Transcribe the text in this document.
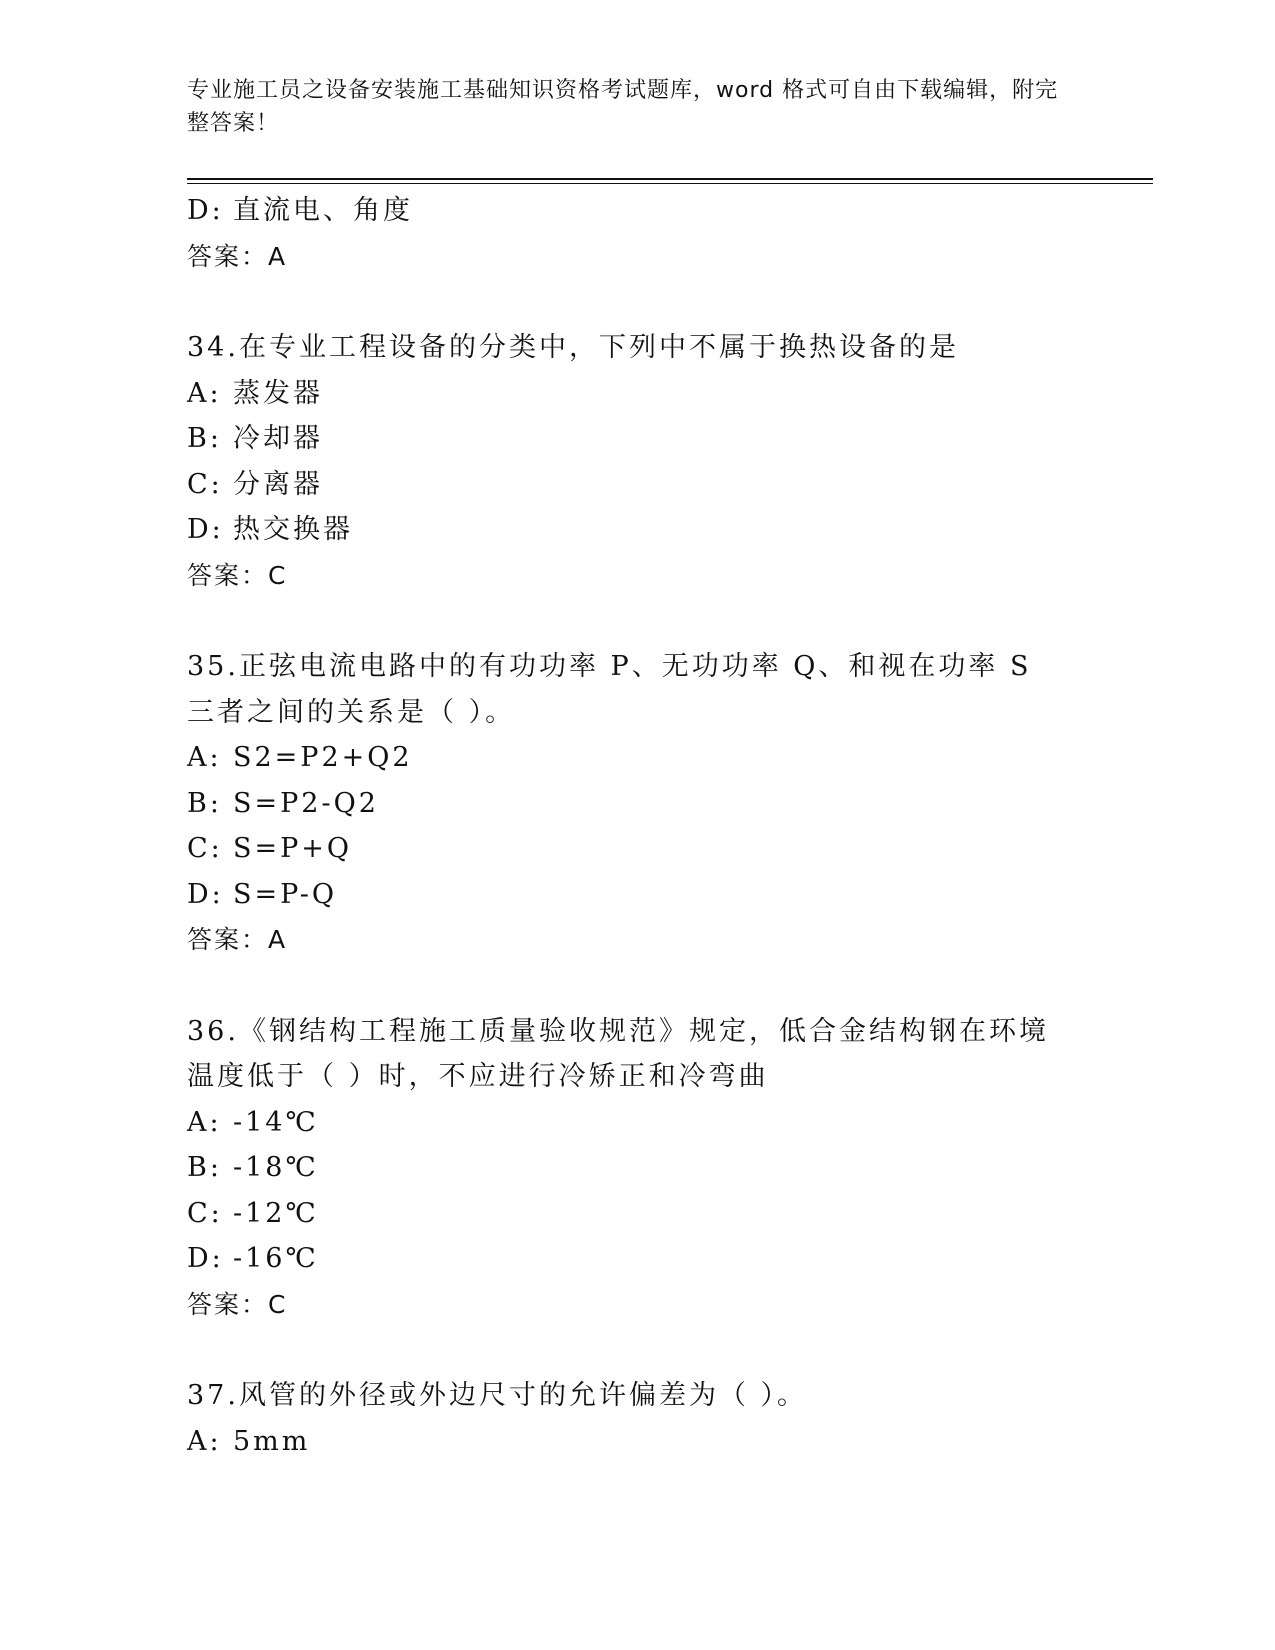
专业施工员之设备安装施工基础知识资格考试题库，word 格式可自由下载编辑，附完整答案！
D: 直流电、角度
答案：A
34.在专业工程设备的分类中，下列中不属于换热设备的是
A: 蒸发器
B: 冷却器
C: 分离器
D: 热交换器
答案：C
35.正弦电流电路中的有功功率 P、无功功率 Q、和视在功率 S 三者之间的关系是（ ）。
A: S2=P2+Q2
B: S=P2-Q2
C: S=P+Q
D: S=P-Q
答案：A
36.《钢结构工程施工质量验收规范》规定，低合金结构钢在环境温度低于（ ）时，不应进行冷矫正和冷弯曲
A: -14℃
B: -18℃
C: -12℃
D: -16℃
答案：C
37.风管的外径或外边尺寸的允许偏差为（ ）。
A: 5mm
